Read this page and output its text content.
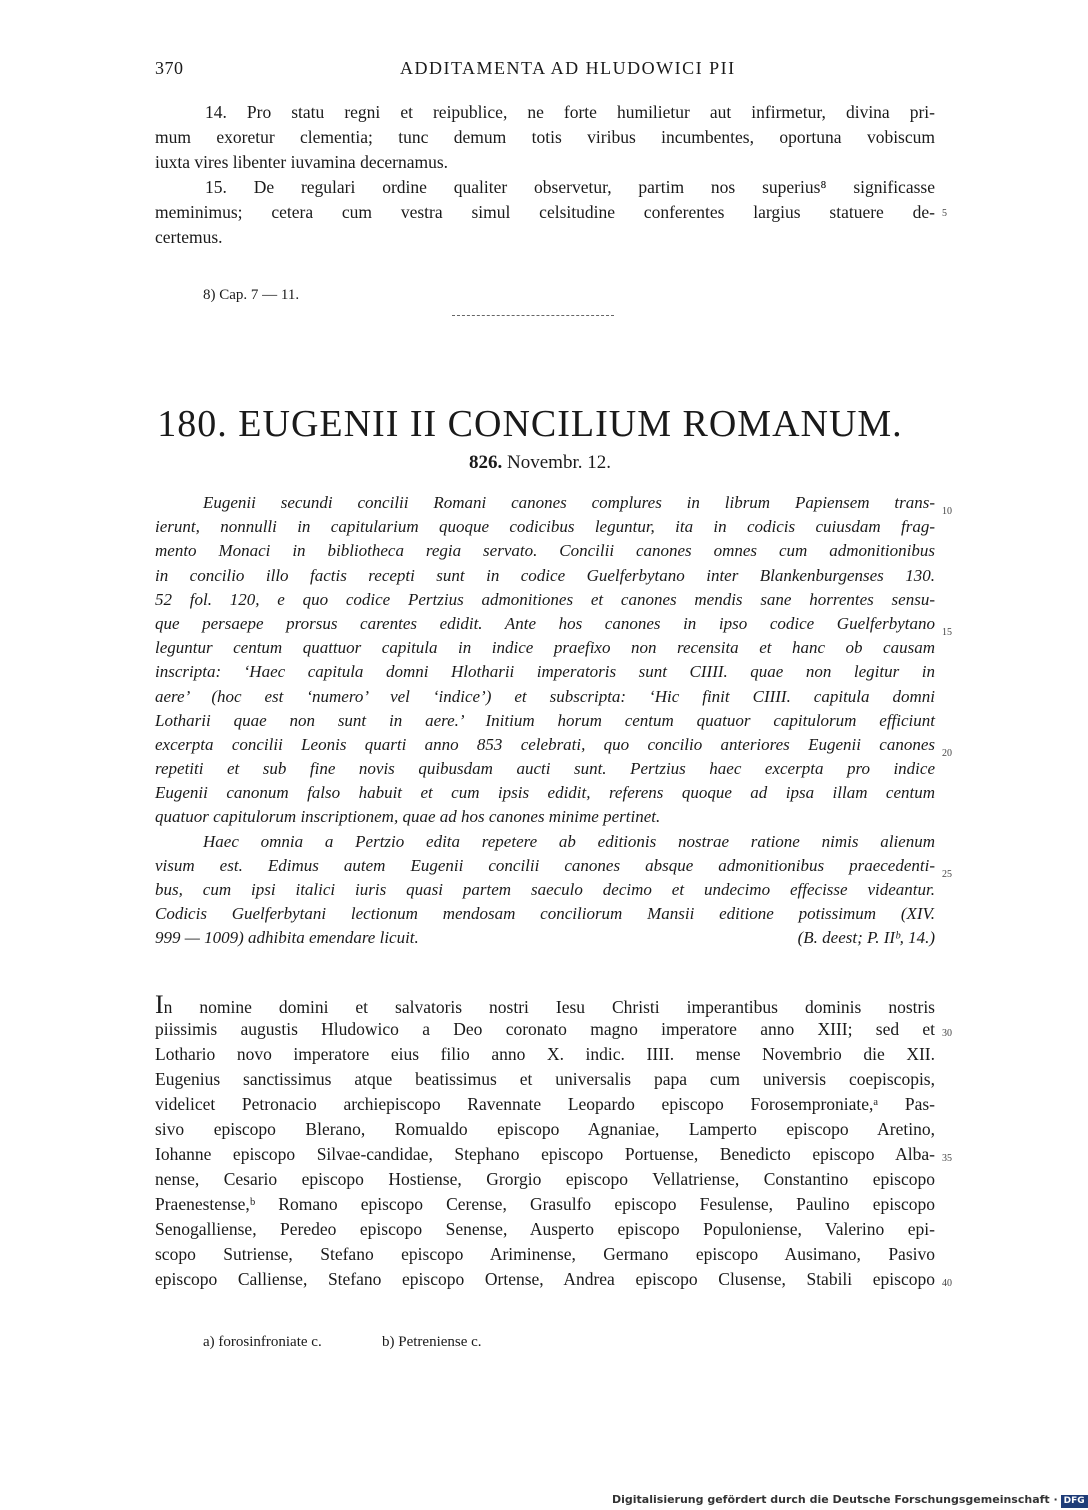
370	ADDITAMENTA AD HLUDOWICI PII
14. Pro statu regni et reipublice, ne forte humilietur aut infirmetur, divina pri-
mum exoretur clementia; tunc demum totis viribus incumbentes, oportuna vobiscum
iuxta vires libenter iuvamina decernamus.
15. De regulari ordine qualiter observetur, partim nos superius⁸ significasse
meminimus; cetera cum vestra simul celsitudine conferentes largius statuere de-
certemus.
5
8) Cap. 7 — 11.
180. EUGENII II CONCILIUM ROMANUM.
826. Novembr. 12.
Eugenii secundi concilii Romani canones complures in librum Papiensem trans-
ierunt, nonnulli in capitularium quoque codicibus leguntur, ita in codicis cuiusdam frag-
mento Monaci in bibliotheca regia servato. Concilii canones omnes cum admonitionibus
in concilio illo factis recepti sunt in codice Guelferbytano inter Blankenburgenses 130.
52 fol. 120, e quo codice Pertzius admonitiones et canones mendis sane horrentes sensu-
que persaepe prorsus carentes edidit. Ante hos canones in ipso codice Guelferbytano
leguntur centum quattuor capitula in indice praefixo non recensita et hanc ob causam
inscripta: ‘Haec capitula domni Hlotharii imperatoris sunt CIIII. quae non legitur in
aere’ (hoc est ‘numero’ vel ‘indice’) et subscripta: ‘Hic finit CIIII. capitula domni
Lotharii quae non sunt in aere.’ Initium horum centum quatuor capitulorum efficiunt
excerpta concilii Leonis quarti anno 853 celebrati, quo concilio anteriores Eugenii canones
repetiti et sub fine novis quibusdam aucti sunt. Pertzius haec excerpta pro indice
Eugenii canonum falso habuit et cum ipsis edidit, referens quoque ad ipsa illam centum
quatuor capitulorum inscriptionem, quae ad hos canones minime pertinet.
Haec omnia a Pertzio edita repetere ab editionis nostrae ratione nimis alienum
visum est. Edimus autem Eugenii concilii canones absque admonitionibus praecedenti-
bus, cum ipsi italici iuris quasi partem saeculo decimo et undecimo effecisse videantur.
Codicis Guelferbytani lectionum mendosam conciliorum Mansii editione potissimum (XIV.
999 — 1009) adhibita emendare licuit.	(B. deest; P. IIᵇ, 14.)
10
15
20
25
In nomine domini et salvatoris nostri Iesu Christi imperantibus dominis nostris
piissimis augustis Hludowico a Deo coronato magno imperatore anno XIII; sed et
Lothario novo imperatore eius filio anno X. indic. IIII. mense Novembrio die XII.
Eugenius sanctissimus atque beatissimus et universalis papa cum universis coepiscopis,
videlicet Petronacio archiepiscopo Ravennate Leopardo episcopo Forosemproniate,ᵃ Pas-
sivo episcopo Blerano, Romualdo episcopo Agnaniae, Lamperto episcopo Aretino,
Iohanne episcopo Silvae-candidae, Stephano episcopo Portuense, Benedicto episcopo Alba-
nense, Cesario episcopo Hostiense, Grorgio episcopo Vellatriense, Constantino episcopo
Praenestense,ᵇ Romano episcopo Cerense, Grasulfo episcopo Fesulense, Paulino episcopo
Senogalliense, Peredeo episcopo Senense, Ausperto episcopo Populoniense, Valerino epi-
scopo Sutriense, Stefano episcopo Ariminense, Germano episcopo Ausimano, Pasivo
episcopo Calliense, Stefano episcopo Ortense, Andrea episcopo Clusense, Stabili episcopo
30
35
40
a) forosinfroniate c.	b) Petreniense c.
Digitalisierung gefördert durch die Deutsche Forschungsgemeinschaft · DFG
